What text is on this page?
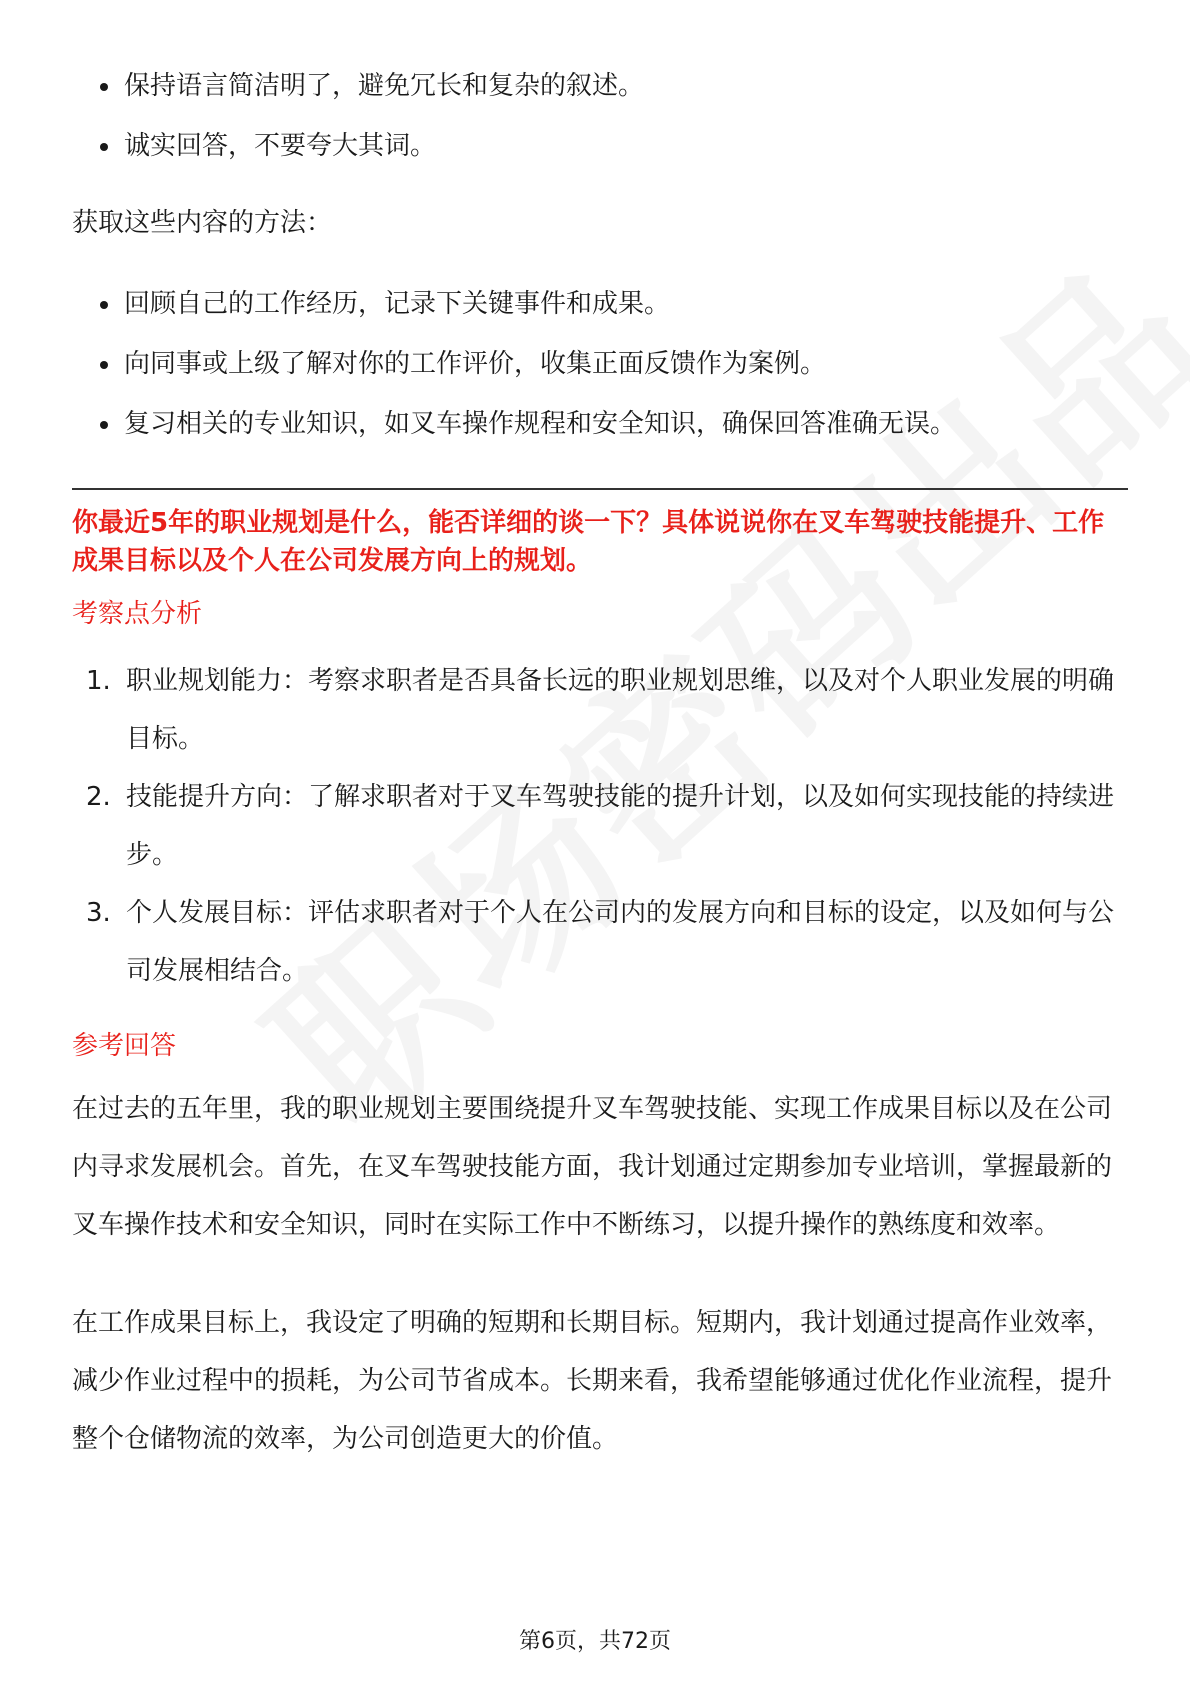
保持语言简洁明了，避免冗长和复杂的叙述。
诚实回答，不要夸大其词。

获取这些内容的方法：

回顾自己的工作经历，记录下关键事件和成果。
向同事或上级了解对你的工作评价，收集正面反馈作为案例。
复习相关的专业知识，如叉车操作规程和安全知识，确保回答准确无误。

你最近5年的职业规划是什么，能否详细的谈一下？具体说说你在叉车驾驶技能提升、工作成果目标以及个人在公司发展方向上的规划。

考察点分析
1. 职业规划能力：考察求职者是否具备长远的职业规划思维，以及对个人职业发展的明确目标。
2. 技能提升方向：了解求职者对于叉车驾驶技能的提升计划，以及如何实现技能的持续进步。
3. 个人发展目标：评估求职者对于个人在公司内的发展方向和目标的设定，以及如何与公司发展相结合。
参考回答

在过去的五年里，我的职业规划主要围绕提升叉车驾驶技能、实现工作成果目标以及在公司内寻求发展机会。首先，在叉车驾驶技能方面，我计划通过定期参加专业培训，掌握最新的叉车操作技术和安全知识，同时在实际工作中不断练习，以提升操作的熟练度和效率。

在工作成果目标上，我设定了明确的短期和长期目标。短期内，我计划通过提高作业效率，减少作业过程中的损耗，为公司节省成本。长期来看，我希望能够通过优化作业流程，提升整个仓储物流的效率，为公司创造更大的价值。

第6页，共72页
